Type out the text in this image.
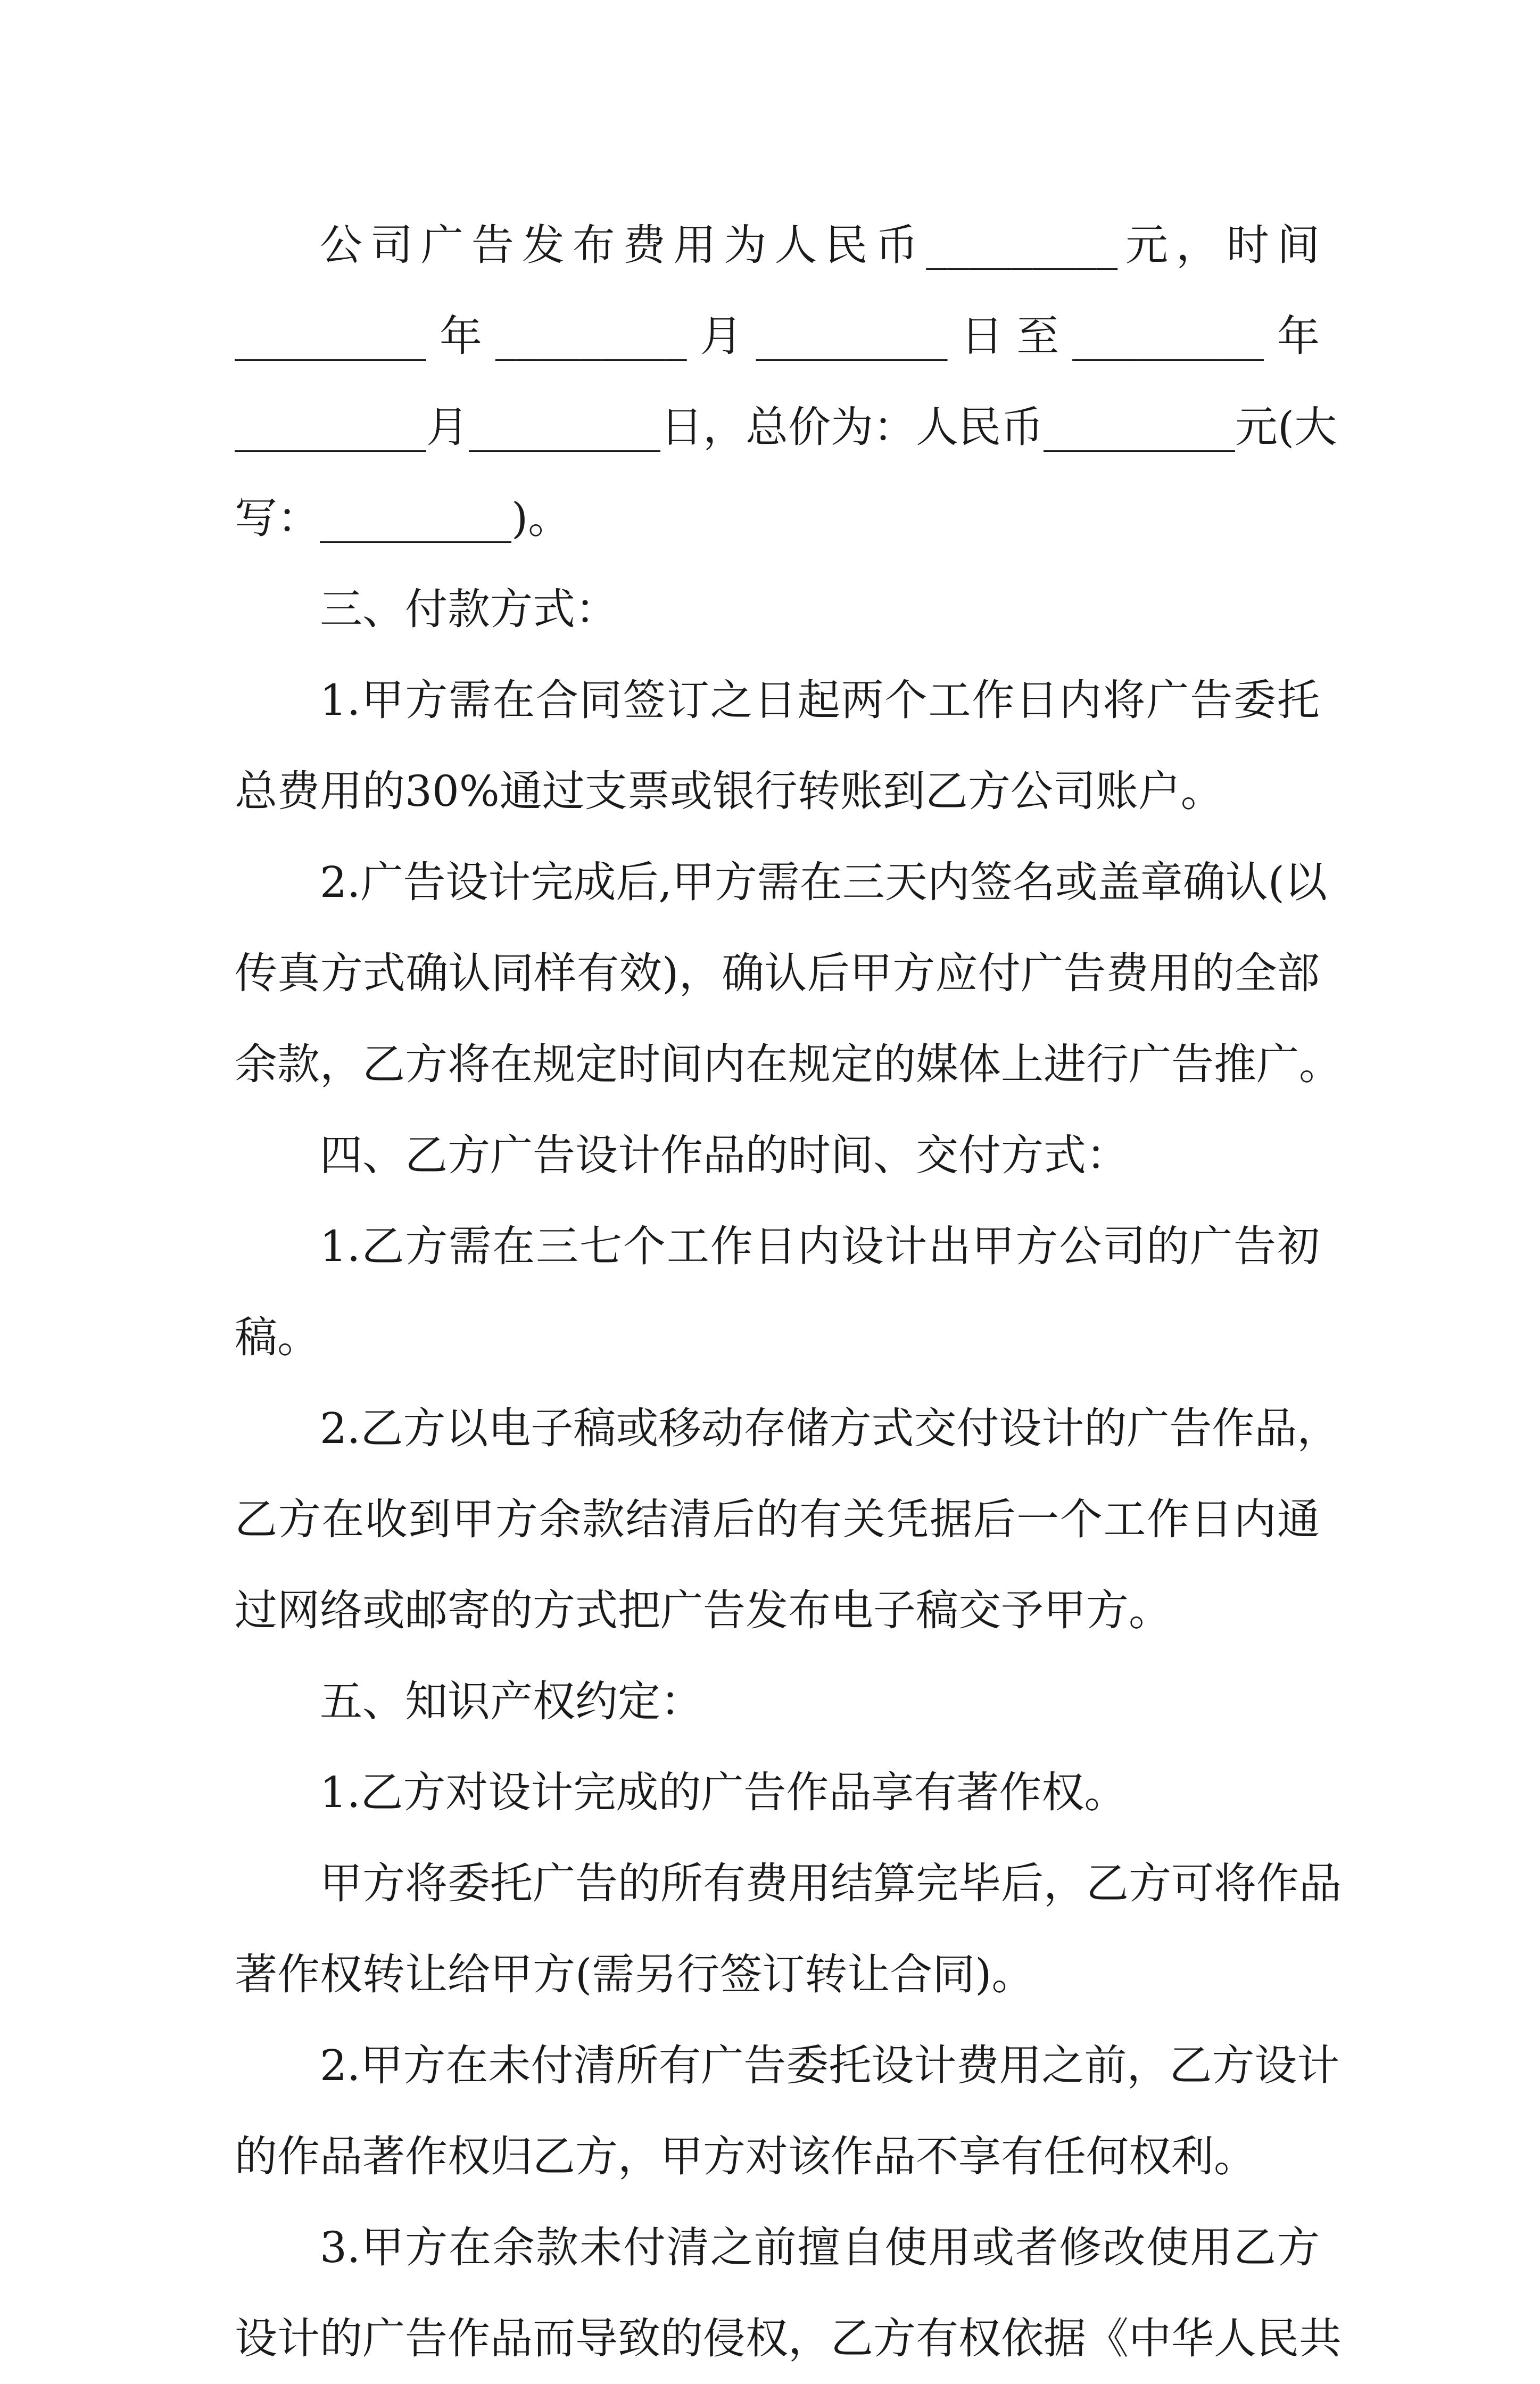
公司广告发布费用为人民币_________元，时间
_________年_________月_________日至_________年
_________月_________日，总价为：人民币_________元(大
写：_________)。
三、付款方式：
1.甲方需在合同签订之日起两个工作日内将广告委托
总费用的30%通过支票或银行转账到乙方公司账户。
2.广告设计完成后,甲方需在三天内签名或盖章确认(以
传真方式确认同样有效)，确认后甲方应付广告费用的全部
余款，乙方将在规定时间内在规定的媒体上进行广告推广。
四、乙方广告设计作品的时间、交付方式：
1.乙方需在三七个工作日内设计出甲方公司的广告初
稿。
2.乙方以电子稿或移动存储方式交付设计的广告作品，
乙方在收到甲方余款结清后的有关凭据后一个工作日内通
过网络或邮寄的方式把广告发布电子稿交予甲方。
五、知识产权约定：
1.乙方对设计完成的广告作品享有著作权。
甲方将委托广告的所有费用结算完毕后，乙方可将作品
著作权转让给甲方(需另行签订转让合同)。
2.甲方在未付清所有广告委托设计费用之前，乙方设计
的作品著作权归乙方，甲方对该作品不享有任何权利。
3.甲方在余款未付清之前擅自使用或者修改使用乙方
设计的广告作品而导致的侵权，乙方有权依据《中华人民共
